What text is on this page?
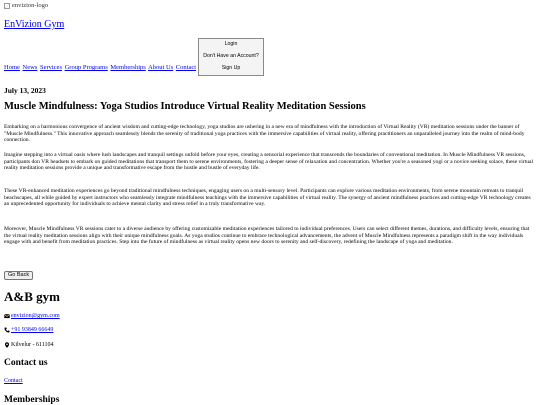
envizion-logo
EnVizion Gym
Login
Don't Have an Account?
Sign Up
Home News Services Group Programs Memberships About Us Contact
July 13, 2023
Muscle Mindfulness: Yoga Studios Introduce Virtual Reality Meditation Sessions
Embarking on a harmonious convergence of ancient wisdom and cutting-edge technology, yoga studios are ushering in a new era of mindfulness with the introduction of Virtual Reality (VR) meditation sessions under the banner of "Muscle Mindfulness." This innovative approach seamlessly blends the serenity of traditional yoga practices with the immersive capabilities of virtual reality, offering practitioners an unparalleled journey into the realm of mind-body connection.
Imagine stepping into a virtual oasis where lush landscapes and tranquil settings unfold before your eyes, creating a sensorial experience that transcends the boundaries of conventional meditation. In Muscle Mindfulness VR sessions, participants don VR headsets to embark on guided meditations that transport them to serene environments, fostering a deeper sense of relaxation and concentration. Whether you're a seasoned yogi or a novice seeking solace, these virtual reality meditation sessions provide a unique and transformative escape from the hustle and bustle of everyday life.
These VR-enhanced meditation experiences go beyond traditional mindfulness techniques, engaging users on a multi-sensory level. Participants can explore various meditation environments, from serene mountain retreats to tranquil beachscapes, all while guided by expert instructors who seamlessly integrate mindfulness teachings with the immersive capabilities of virtual reality. The synergy of ancient mindfulness practices and cutting-edge VR technology creates an unprecedented opportunity for individuals to achieve mental clarity and stress relief in a truly transformative way.
Moreover, Muscle Mindfulness VR sessions cater to a diverse audience by offering customizable meditation experiences tailored to individual preferences. Users can select different themes, durations, and difficulty levels, ensuring that the virtual reality meditation sessions align with their unique mindfulness goals. As yoga studios continue to embrace technological advancements, the advent of Muscle Mindfulness represents a paradigm shift in the way individuals engage with and benefit from meditation practices. Step into the future of mindfulness as virtual reality opens new doors to serenity and self-discovery, redefining the landscape of yoga and meditation.
Go Back
A&B gym
envizion@gym.com
+91 93849 66649
Kilvelur - 611104
Contact us
Contact
Memberships
